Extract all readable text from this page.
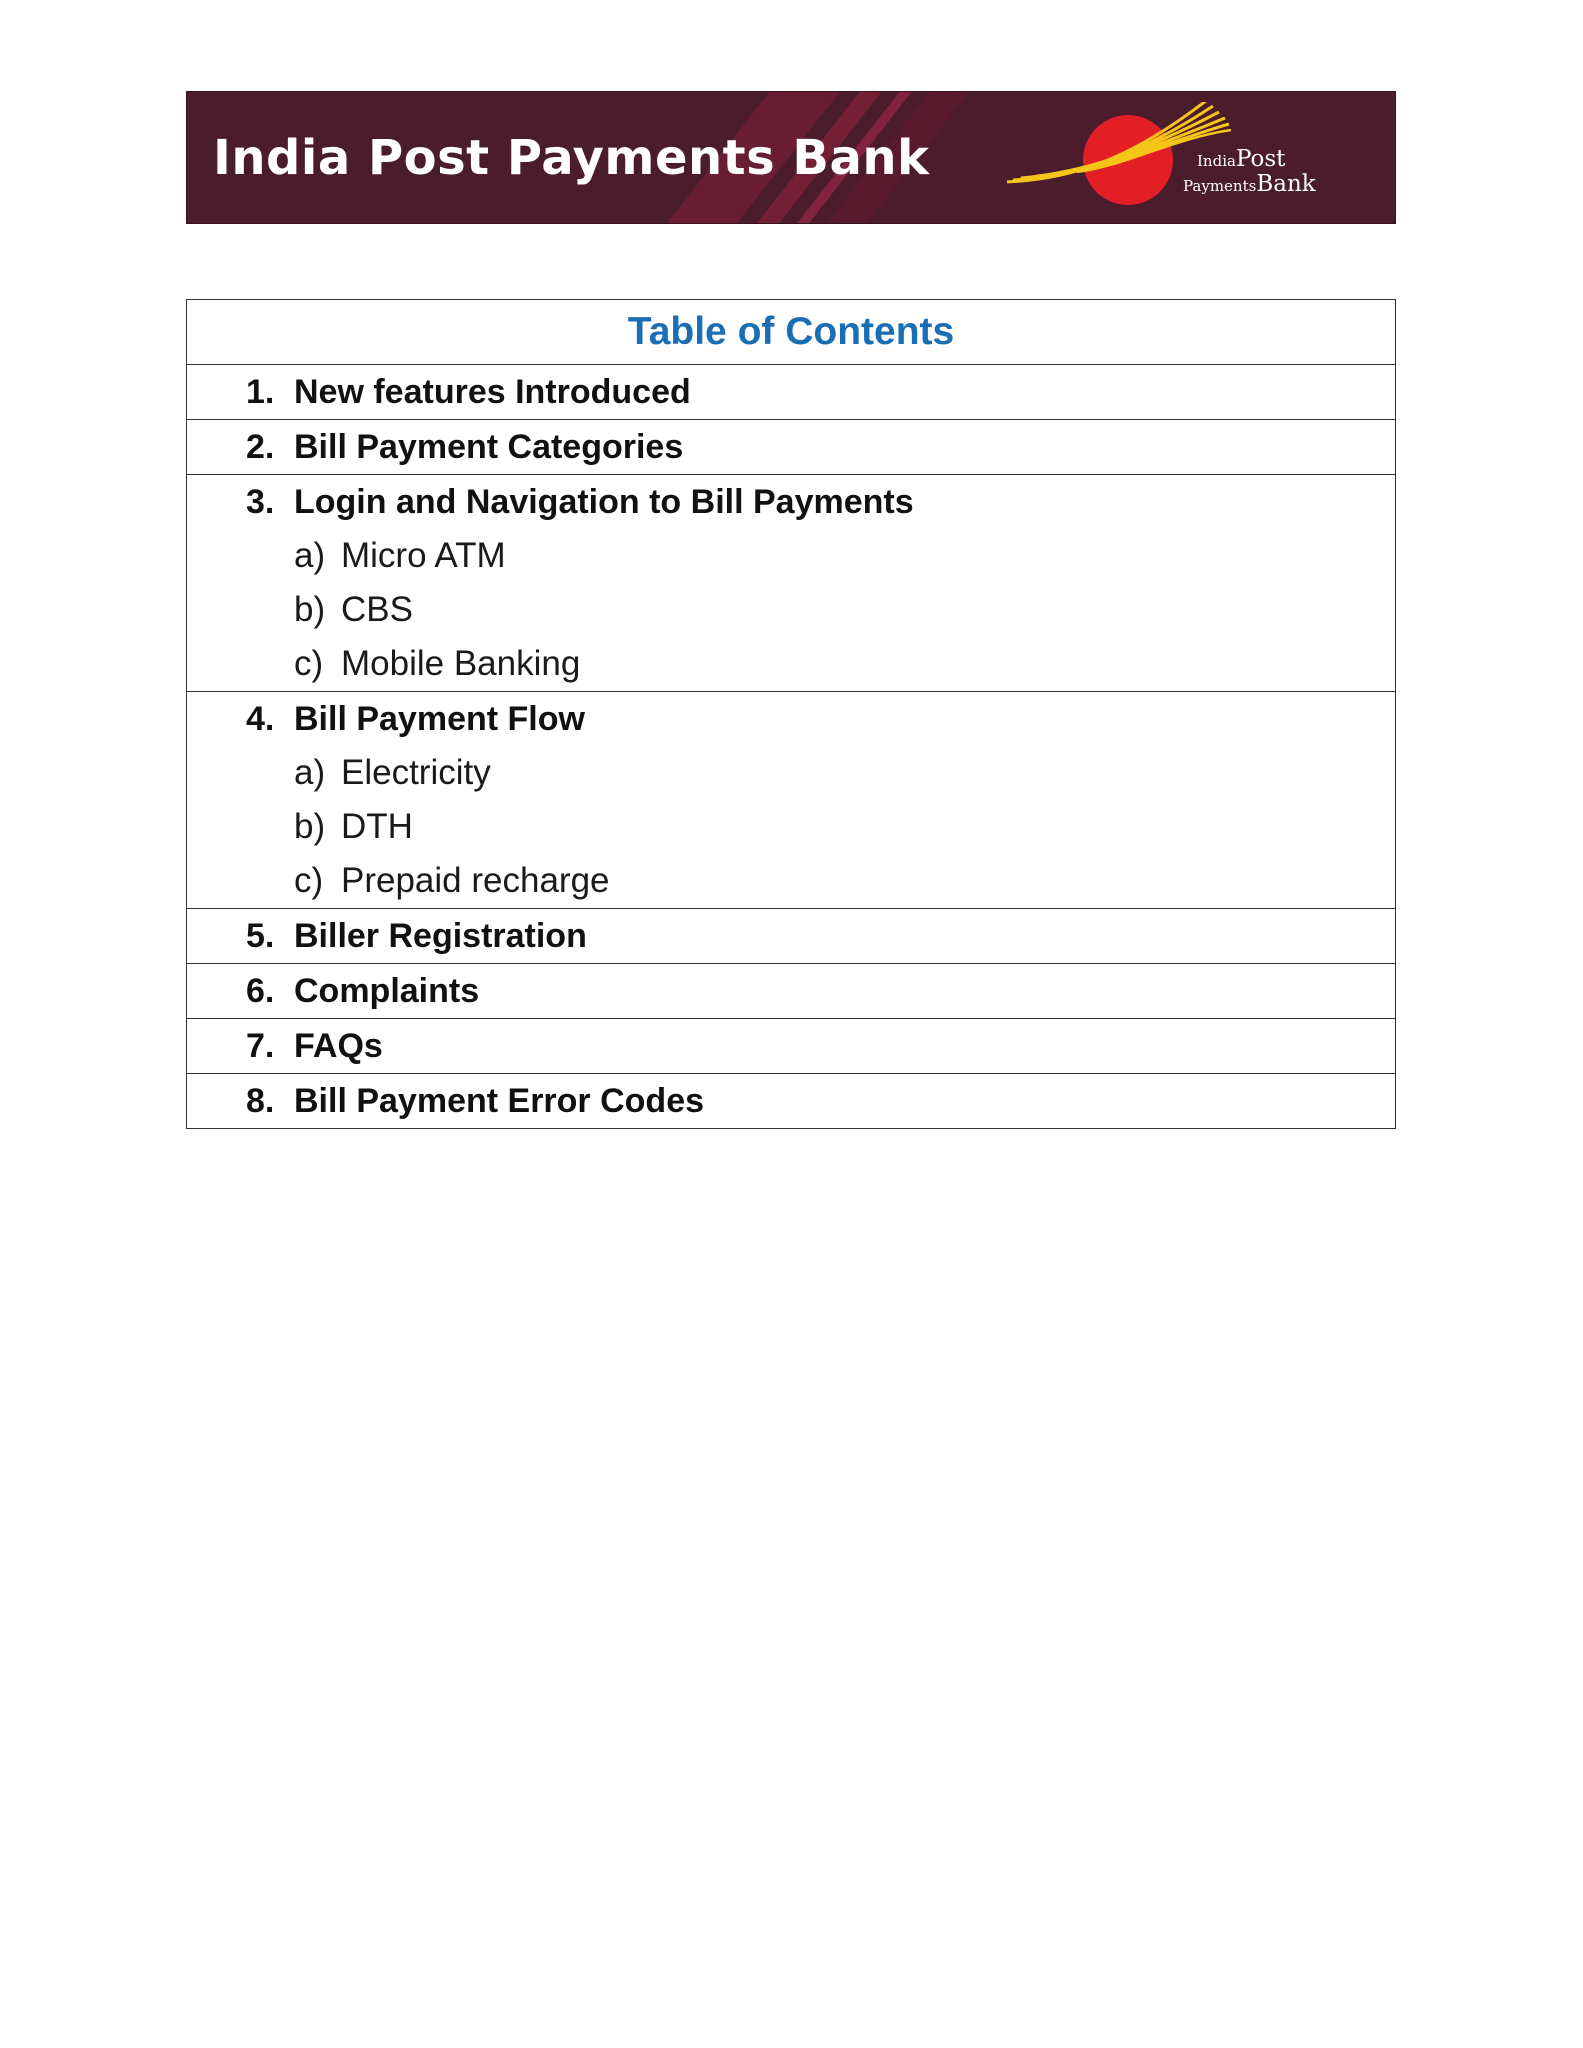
India Post Payments Bank	IndiaPost
PaymentsBank
Table of Contents

1. New features Introduced

2. Bill Payment Categories

3. Login and Navigation to Bill Payments
a) Micro ATM
b) CBS
c) Mobile Banking

4. Bill Payment Flow
a) Electricity
b) DTH
c) Prepaid recharge

5. Biller Registration

6. Complaints

7. FAQs

8. Bill Payment Error Codes
